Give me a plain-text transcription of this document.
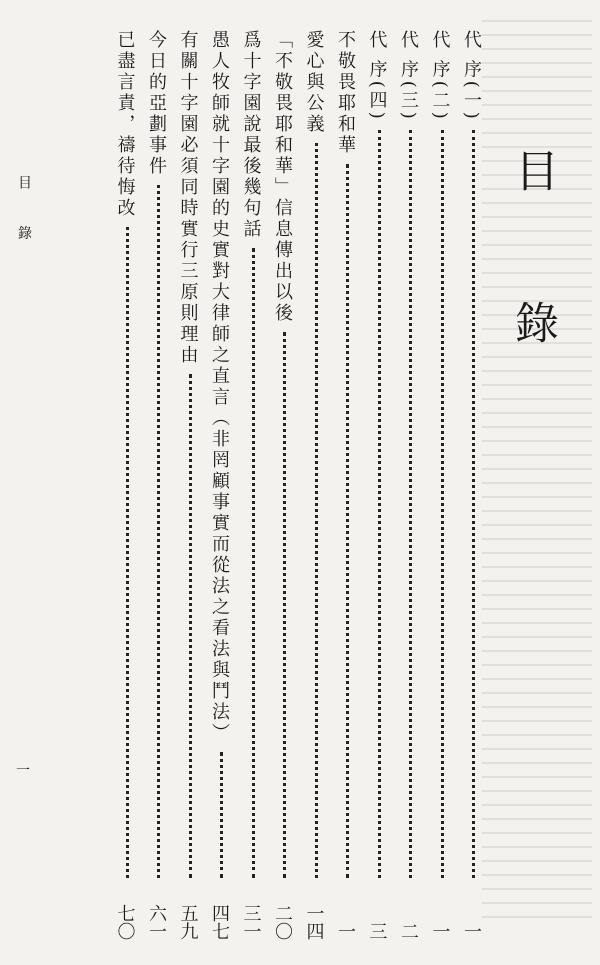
目
錄
代 序(一)
一
代 序(二)
一
代 序(三)
二
代 序(四)
三
不敬畏耶和華
一
愛心與公義
一四
「不敬畏耶和華」信息傳出以後
二〇
爲十字園說最後幾句話
三一
愚人牧師就十字園的史實對大律師之直言（非罔顧事實而從法之看法與鬥法）
四七
有關十字園必須同時實行三原則理由
五九
今日的亞劃事件
六一
已盡言責，禱待悔改
七〇
目 錄
一
